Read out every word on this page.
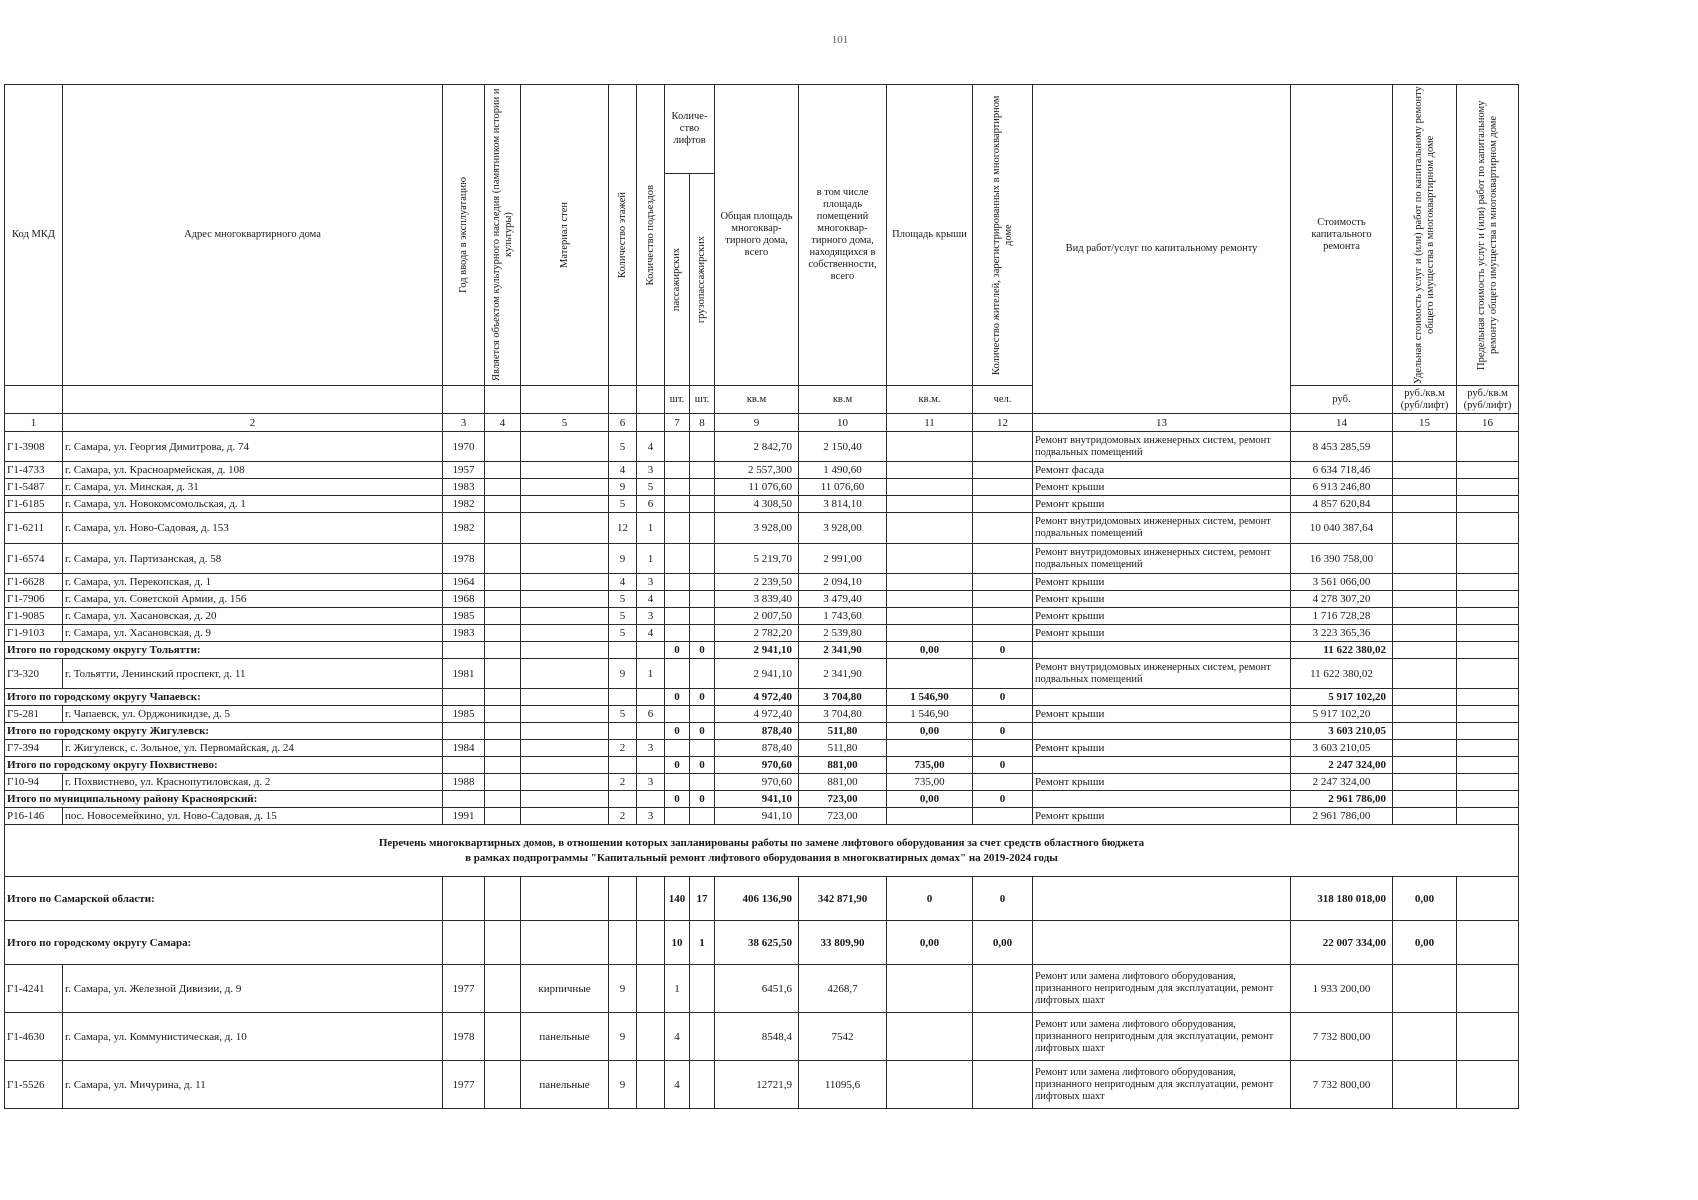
101
Код МКД	Адрес многоквартирного дома	Год ввода в эксплуатацию	Является объектом культурного наследия (памятником истории и культуры)	Материал стен	Количество этажей	Количество подъездов	Количе-ство лифтов		Общая площадь многоквар-тирного дома, всего	в том числе площадь помещений многоквар-тирного дома, находящихся в собственности, всего	Площадь крыши	Количество жителей, зарегистрированных в многоквартирном доме	Вид работ/услуг по капитальному ремонту	Стоимость капитального ремонта	Удельная стоимость услуг и (или) работ по капитальному ремонту общего имущества в многоквартирном доме	Предельная стоимость услуг и (или) работ по капитальному ремонту общего имущества в многоквартирном доме

							пассажирских	грузопассажирских								

							шт.	шт.	кв.м	кв.м	кв.м.	чел.		руб.	руб./кв.м (руб/лифт)	руб./кв.м (руб/лифт)
1	2	3	4	5	6		7	8	9	10	11	12	13	14	15	16
Г1-3908	г. Самара, ул. Георгия Димитрова, д. 74	1970			5	4			2 842,70	2 150,40			Ремонт внутридомовых инженерных систем, ремонт подвальных помещений	8 453 285,59		
Г1-4733	г. Самара, ул. Красноармейская, д. 108	1957			4	3			2 557,300	1 490,60			Ремонт фасада	6 634 718,46		
Г1-5487	г. Самара, ул. Минская, д. 31	1983			9	5			11 076,60	11 076,60			Ремонт крыши	6 913 246,80		
Г1-6185	г. Самара, ул. Новокомсомольская, д. 1	1982			5	6			4 308,50	3 814,10			Ремонт крыши	4 857 620,84		
Г1-6211	г. Самара, ул. Ново-Садовая, д. 153	1982			12	1			3 928,00	3 928,00			Ремонт внутридомовых инженерных систем, ремонт подвальных помещений	10 040 387,64		
Г1-6574	г. Самара, ул. Партизанская, д. 58	1978			9	1			5 219,70	2 991,00			Ремонт внутридомовых инженерных систем, ремонт подвальных помещений	16 390 758,00		
Г1-6628	г. Самара, ул. Перекопская, д. 1	1964			4	3			2 239,50	2 094,10			Ремонт крыши	3 561 066,00		
Г1-7906	г. Самара, ул. Советской Армии, д. 156	1968			5	4			3 839,40	3 479,40			Ремонт крыши	4 278 307,20		
Г1-9085	г. Самара, ул. Хасановская, д. 20	1985			5	3			2 007,50	1 743,60			Ремонт крыши	1 716 728,28		
Г1-9103	г. Самара, ул. Хасановская, д. 9	1983			5	4			2 782,20	2 539,80			Ремонт крыши	3 223 365,36		
Итого по городскому округу Тольятти:							0	0	2 941,10	2 341,90	0,00	0		11 622 380,02		
Г3-320	г. Тольятти, Ленинский проспект, д. 11	1981			9	1			2 941,10	2 341,90			Ремонт внутридомовых инженерных систем, ремонт подвальных помещений	11 622 380,02		
Итого по городскому округу Чапаевск:							0	0	4 972,40	3 704,80	1 546,90	0		5 917 102,20		
Г5-281	г. Чапаевск, ул. Орджоникидзе, д. 5	1985			5	6			4 972,40	3 704,80	1 546,90		Ремонт крыши	5 917 102,20		
Итого по городскому округу Жигулевск:							0	0	878,40	511,80	0,00	0		3 603 210,05		
Г7-394	г. Жигулевск, с. Зольное, ул. Первомайская, д. 24	1984			2	3			878,40	511,80			Ремонт крыши	3 603 210,05		
Итого по городскому округу Похвистнево:							0	0	970,60	881,00	735,00	0		2 247 324,00		
Г10-94	г. Похвистнево, ул. Краснопутиловская, д. 2	1988			2	3			970,60	881,00	735,00		Ремонт крыши	2 247 324,00		
Итого по муниципальному району Красноярский:							0	0	941,10	723,00	0,00	0		2 961 786,00		
Р16-146	пос. Новосемейкино, ул. Ново-Садовая, д. 15	1991			2	3			941,10	723,00			Ремонт крыши	2 961 786,00		

Перечень многоквартирных домов, в отношении которых запланированы работы по замене лифтового оборудования за счет средств областного бюджета
в рамках подпрограммы "Капитальный ремонт лифтового оборудования в многокватирных домах" на 2019-2024 годы																

Итого по Самарской области:							140	17	406 136,90	342 871,90	0	0		318 180 018,00	0,00	
Итого по городскому округу Самара:							10	1	38 625,50	33 809,90	0,00	0,00		22 007 334,00	0,00	
Г1-4241	г. Самара, ул. Железной Дивизии, д. 9	1977		кирпичные	9		1		6451,6	4268,7			Ремонт или замена лифтового оборудования, признанного непригодным для эксплуатации, ремонт лифтовых шахт	1 933 200,00		
Г1-4630	г. Самара, ул. Коммунистическая, д. 10	1978		панельные	9		4		8548,4	7542			Ремонт или замена лифтового оборудования, признанного непригодным для эксплуатации, ремонт лифтовых шахт	7 732 800,00		
Г1-5526	г. Самара, ул. Мичурина, д. 11	1977		панельные	9		4		12721,9	11095,6			Ремонт или замена лифтового оборудования, признанного непригодным для эксплуатации, ремонт лифтовых шахт	7 732 800,00		
